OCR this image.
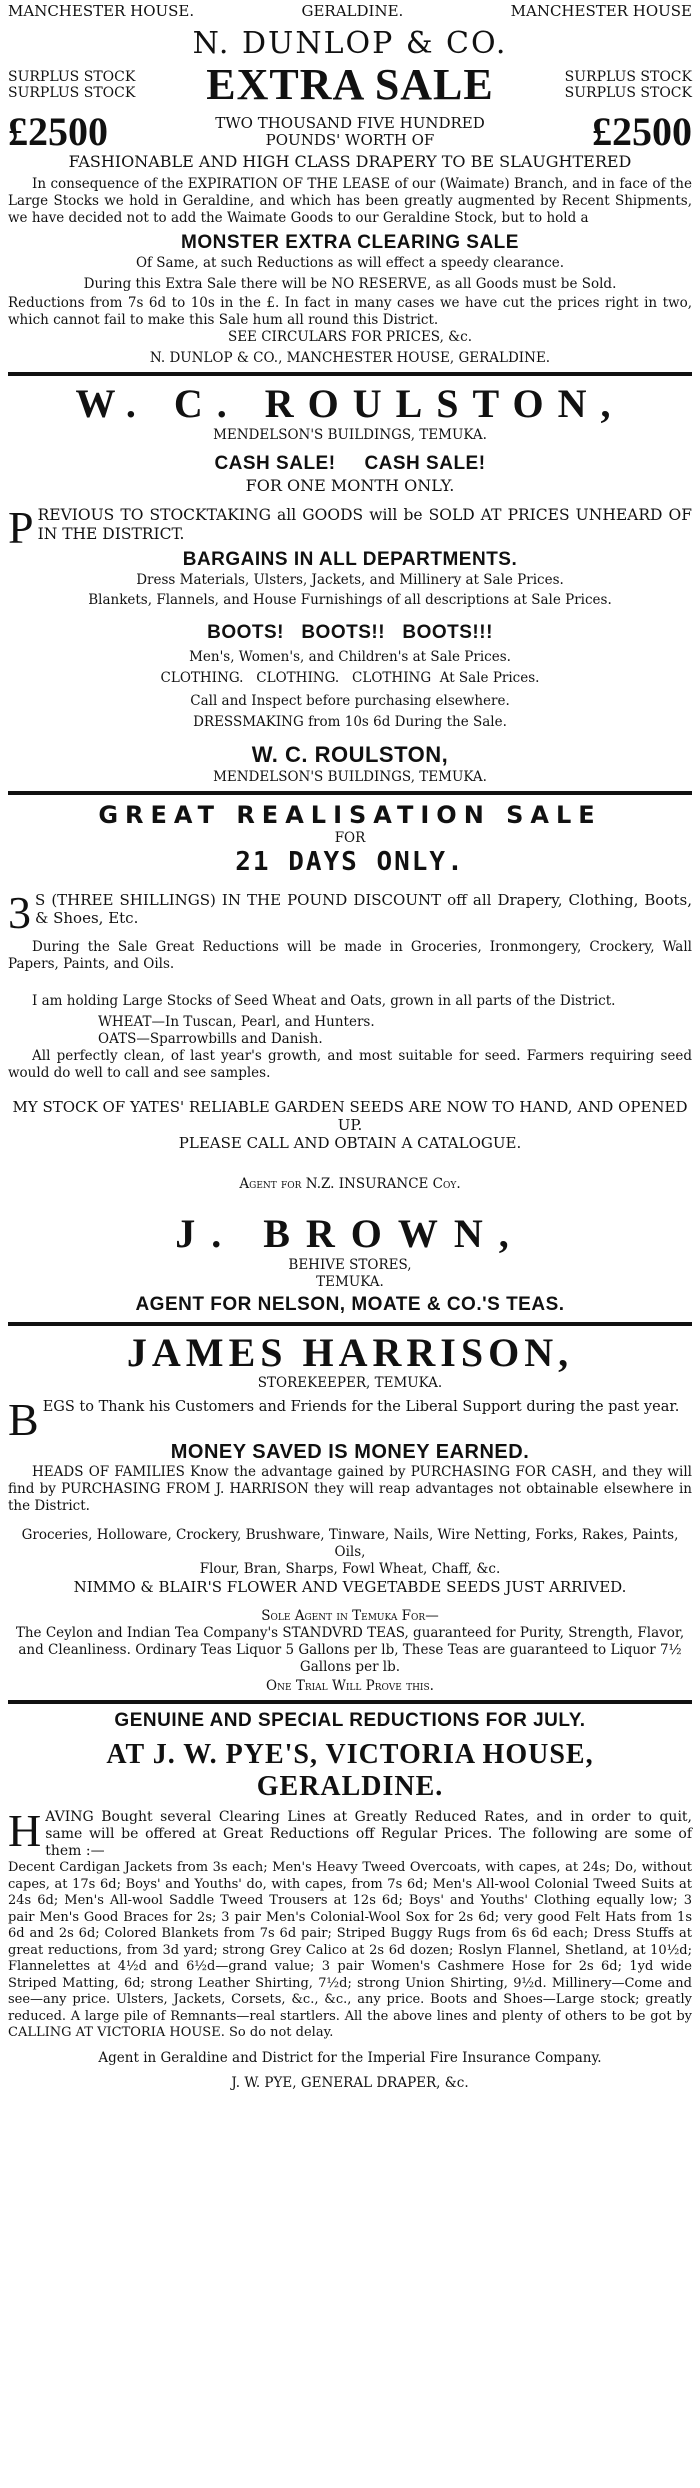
MANCHESTER HOUSE.	GERALDINE.	MANCHESTER HOUSE
N. DUNLOP & CO.
SURPLUS STOCK
SURPLUS STOCK EXTRA SALE	SURPLUS STOCK
SURPLUS STOCK
£2500	TWO THOUSAND FIVE HUNDRED POUNDS' WORTH OF	£2500
FASHIONABLE AND HIGH CLASS DRAPERY TO BE SLAUGHTERED

In consequence of the EXPIRATION OF THE LEASE of our (Waimate) Branch, and in face of the Large Stocks we hold in Geraldine, and which has been greatly augmented by Recent Shipments, we have decided not to add the Waimate Goods to our Geraldine Stock, but to hold a

MONSTER EXTRA CLEARING SALE

Of Same, at such Reductions as will effect a speedy clearance.

During this Extra Sale there will be NO RESERVE, as all Goods must be Sold.

Reductions from 7s 6d to 10s in the £. In fact in many cases we have cut the prices right in two, which cannot fail to make this Sale hum all round this District.

SEE CIRCULARS FOR PRICES, &c.

N. DUNLOP & CO., MANCHESTER HOUSE, GERALDINE.

W. C. ROULSTON,
MENDELSON'S BUILDINGS, TEMUKA.
CASH SALE!     CASH SALE!
FOR ONE MONTH ONLY.
P REVIOUS TO STOCKTAKING all GOODS will be SOLD AT PRICES UNHEARD OF IN THE DISTRICT.

BARGAINS IN ALL DEPARTMENTS.

Dress Materials, Ulsters, Jackets, and Millinery at Sale Prices.

Blankets, Flannels, and House Furnishings of all descriptions at Sale Prices.

BOOTS!   BOOTS!!   BOOTS!!!

Men's, Women's, and Children's at Sale Prices.

CLOTHING.   CLOTHING.   CLOTHING  At Sale Prices.

Call and Inspect before purchasing elsewhere.

DRESSMAKING from 10s 6d During the Sale.

W. C. ROULSTON,

MENDELSON'S BUILDINGS, TEMUKA.

GREAT REALISATION SALE
FOR
21 DAYS ONLY.
3 S (THREE SHILLINGS) IN THE POUND DISCOUNT off all Drapery, Clothing, Boots, & Shoes, Etc.

During the Sale Great Reductions will be made in Groceries, Ironmongery, Crockery, Wall Papers, Paints, and Oils.

I am holding Large Stocks of Seed Wheat and Oats, grown in all parts of the District.

WHEAT—In Tuscan, Pearl, and Hunters.

OATS—Sparrowbills and Danish.

All perfectly clean, of last year's growth, and most suitable for seed. Farmers requiring seed would do well to call and see samples.

MY STOCK OF YATES' RELIABLE GARDEN SEEDS ARE NOW TO HAND, AND OPENED UP.

PLEASE CALL AND OBTAIN A CATALOGUE.

Agent for N.Z. INSURANCE Coy.

J. BROWN,

BEHIVE STORES,

TEMUKA.

AGENT FOR NELSON, MOATE & CO.'S TEAS.
JAMES HARRISON,

STOREKEEPER, TEMUKA.

B EGS to Thank his Customers and Friends for the Liberal Support during the past year.

MONEY SAVED IS MONEY EARNED.

HEADS OF FAMILIES Know the advantage gained by PURCHASING FOR CASH, and they will find by PURCHASING FROM J. HARRISON they will reap advantages not obtainable elsewhere in the District.

Groceries, Holloware, Crockery, Brushware, Tinware, Nails, Wire Netting, Forks, Rakes, Paints, Oils,

Flour, Bran, Sharps, Fowl Wheat, Chaff, &c.

NIMMO & BLAIR'S FLOWER AND VEGETABDE SEEDS JUST ARRIVED.

Sole Agent in Temuka For—

The Ceylon and Indian Tea Company's STANDVRD TEAS, guaranteed for Purity, Strength, Flavor, and Cleanliness. Ordinary Teas Liquor 5 Gallons per lb, These Teas are guaranteed to Liquor 7½ Gallons per lb.

One Trial Will Prove this.

GENUINE AND SPECIAL REDUCTIONS FOR JULY.
AT J. W. PYE'S, VICTORIA HOUSE,
GERALDINE.
H AVING Bought several Clearing Lines at Greatly Reduced Rates, and in order to quit, same will be offered at Great Reductions off Regular Prices. The following are some of them :—

Decent Cardigan Jackets from 3s each; Men's Heavy Tweed Overcoats, with capes, at 24s; Do, without capes, at 17s 6d; Boys' and Youths' do, with capes, from 7s 6d; Men's All-wool Colonial Tweed Suits at 24s 6d; Men's All-wool Saddle Tweed Trousers at 12s 6d; Boys' and Youths' Clothing equally low; 3 pair Men's Good Braces for 2s; 3 pair Men's Colonial-Wool Sox for 2s 6d; very good Felt Hats from 1s 6d and 2s 6d; Colored Blankets from 7s 6d pair; Striped Buggy Rugs from 6s 6d each; Dress Stuffs at great reductions, from 3d yard; strong Grey Calico at 2s 6d dozen; Roslyn Flannel, Shetland, at 10½d; Flannelettes at 4½d and 6½d—grand value; 3 pair Women's Cashmere Hose for 2s 6d; 1yd wide Striped Matting, 6d; strong Leather Shirting, 7½d; strong Union Shirting, 9½d. Millinery—Come and see—any price. Ulsters, Jackets, Corsets, &c., &c., any price. Boots and Shoes—Large stock; greatly reduced. A large pile of Remnants—real startlers. All the above lines and plenty of others to be got by CALLING AT VICTORIA HOUSE. So do not delay.

Agent in Geraldine and District for the Imperial Fire Insurance Company.

J. W. PYE, GENERAL DRAPER, &c.
